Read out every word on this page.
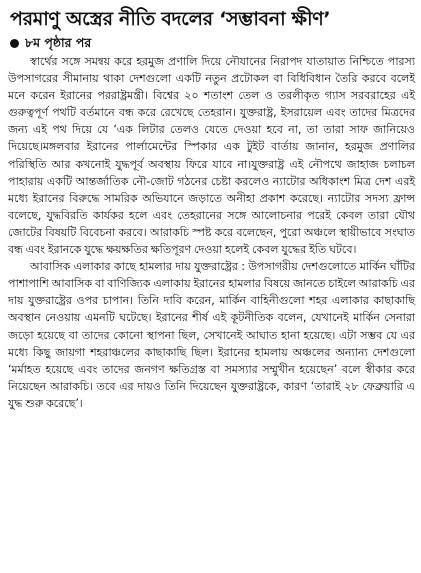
পরমাণু অস্ত্রের নীতি বদলের ‘সম্ভাবনা ক্ষীণ’
৮ম পৃষ্ঠার পর

স্বার্থের সঙ্গে সমন্বয় করে হরমুজ প্রণালি দিয়ে নৌযানের নিরাপদ যাতায়াত নিশ্চিতে পারস্য উপসাগরের সীমানায় থাকা দেশগুলো একটি নতুন প্রটোকল বা বিধিবিধান তৈরি করবে বলেই মনে করেন ইরানের পররাষ্ট্রমন্ত্রী। বিশ্বের ২০ শতাংশ তেল ও তরলীকৃত গ্যাস সরবরাহের এই গুরুত্বপূর্ণ পথটি বর্তমানে বন্ধ করে রেখেছে তেহরান। যুক্তরাষ্ট্র, ইসরায়েল এবং তাদের মিত্রদের জন্য এই পথ দিয়ে যে ‘এক লিটার তেলও যেতে দেওয়া হবে না, তা তারা সাফ জানিয়েও দিয়েছে।মঙ্গলবার ইরানের পার্লামেন্টের স্পিকার এক টুইট বার্তায় জানান, হরমুজ প্রণালির পরিস্থিতি আর কখনোই যুদ্ধপূর্ব অবস্থায় ফিরে যাবে না।যুক্তরাষ্ট্র এই নৌপথে জাহাজ চলাচল পাহারায় একটি আন্তর্জাতিক নৌ-জোট গঠনের চেষ্টা করলেও ন্যাটোর অধিকাংশ মিত্র দেশ এরই মধ্যে ইরানের বিরুদ্ধে সামরিক অভিযানে জড়াতে অনীহা প্রকাশ করেছে। ন্যাটোর সদস্য ফ্রান্স বলেছে, যুদ্ধবিরতি কার্যকর হলে এবং তেহরানের সঙ্গে আলোচনার পরেই কেবল তারা যৌথ জোটের বিষয়টি বিবেচনা করবে। আরাকচি স্পষ্ট করে বলেছেন, পুরো অঞ্চলে স্থায়ীভাবে সংঘাত বন্ধ এবং ইরানকে যুদ্ধে ক্ষয়ক্ষতির ক্ষতিপূরণ দেওয়া হলেই কেবল যুদ্ধের ইতি ঘটবে।

আবাসিক এলাকার কাছে হামলার দায় যুক্তরাষ্ট্রের : উপসাগরীয় দেশগুলোতে মার্কিন ঘাঁটির পাশাপাশি আবাসিক বা বাণিজ্যিক এলাকায় ইরানের হামলার বিষয়ে জানতে চাইলে আরাকচি এর দায় যুক্তরাষ্ট্রের ওপর চাপান। তিনি দাবি করেন, মার্কিন বাহিনীগুলো শহর এলাকার কাছাকাছি অবস্থান নেওয়ায় এমনটি ঘটেছে। ইরানের শীর্ষ এই কূটনীতিক বলেন, যেখানেই মার্কিন সেনারা জড়ো হয়েছে বা তাদের কোনো স্থাপনা ছিল, সেখানেই আঘাত হানা হয়েছে। এটা সম্ভব যে এর মধ্যে কিছু জায়গা শহরাঞ্চলের কাছাকাছি ছিল। ইরানের হামলায় অঞ্চলের অন্যান্য দেশগুলো ‘মর্মাহত হয়েছে এবং তাদের জনগণ ক্ষতিগ্রস্ত বা সমস্যার সম্মুখীন হয়েছেন’ বলে স্বীকার করে নিয়েছেন আরাকচি। তবে এর দায়ও তিনি দিয়েছেন যুক্তরাষ্ট্রকে, কারণ ‘তারাই ২৮ ফেব্রুয়ারি এ যুদ্ধ শুরু করেছে’।
